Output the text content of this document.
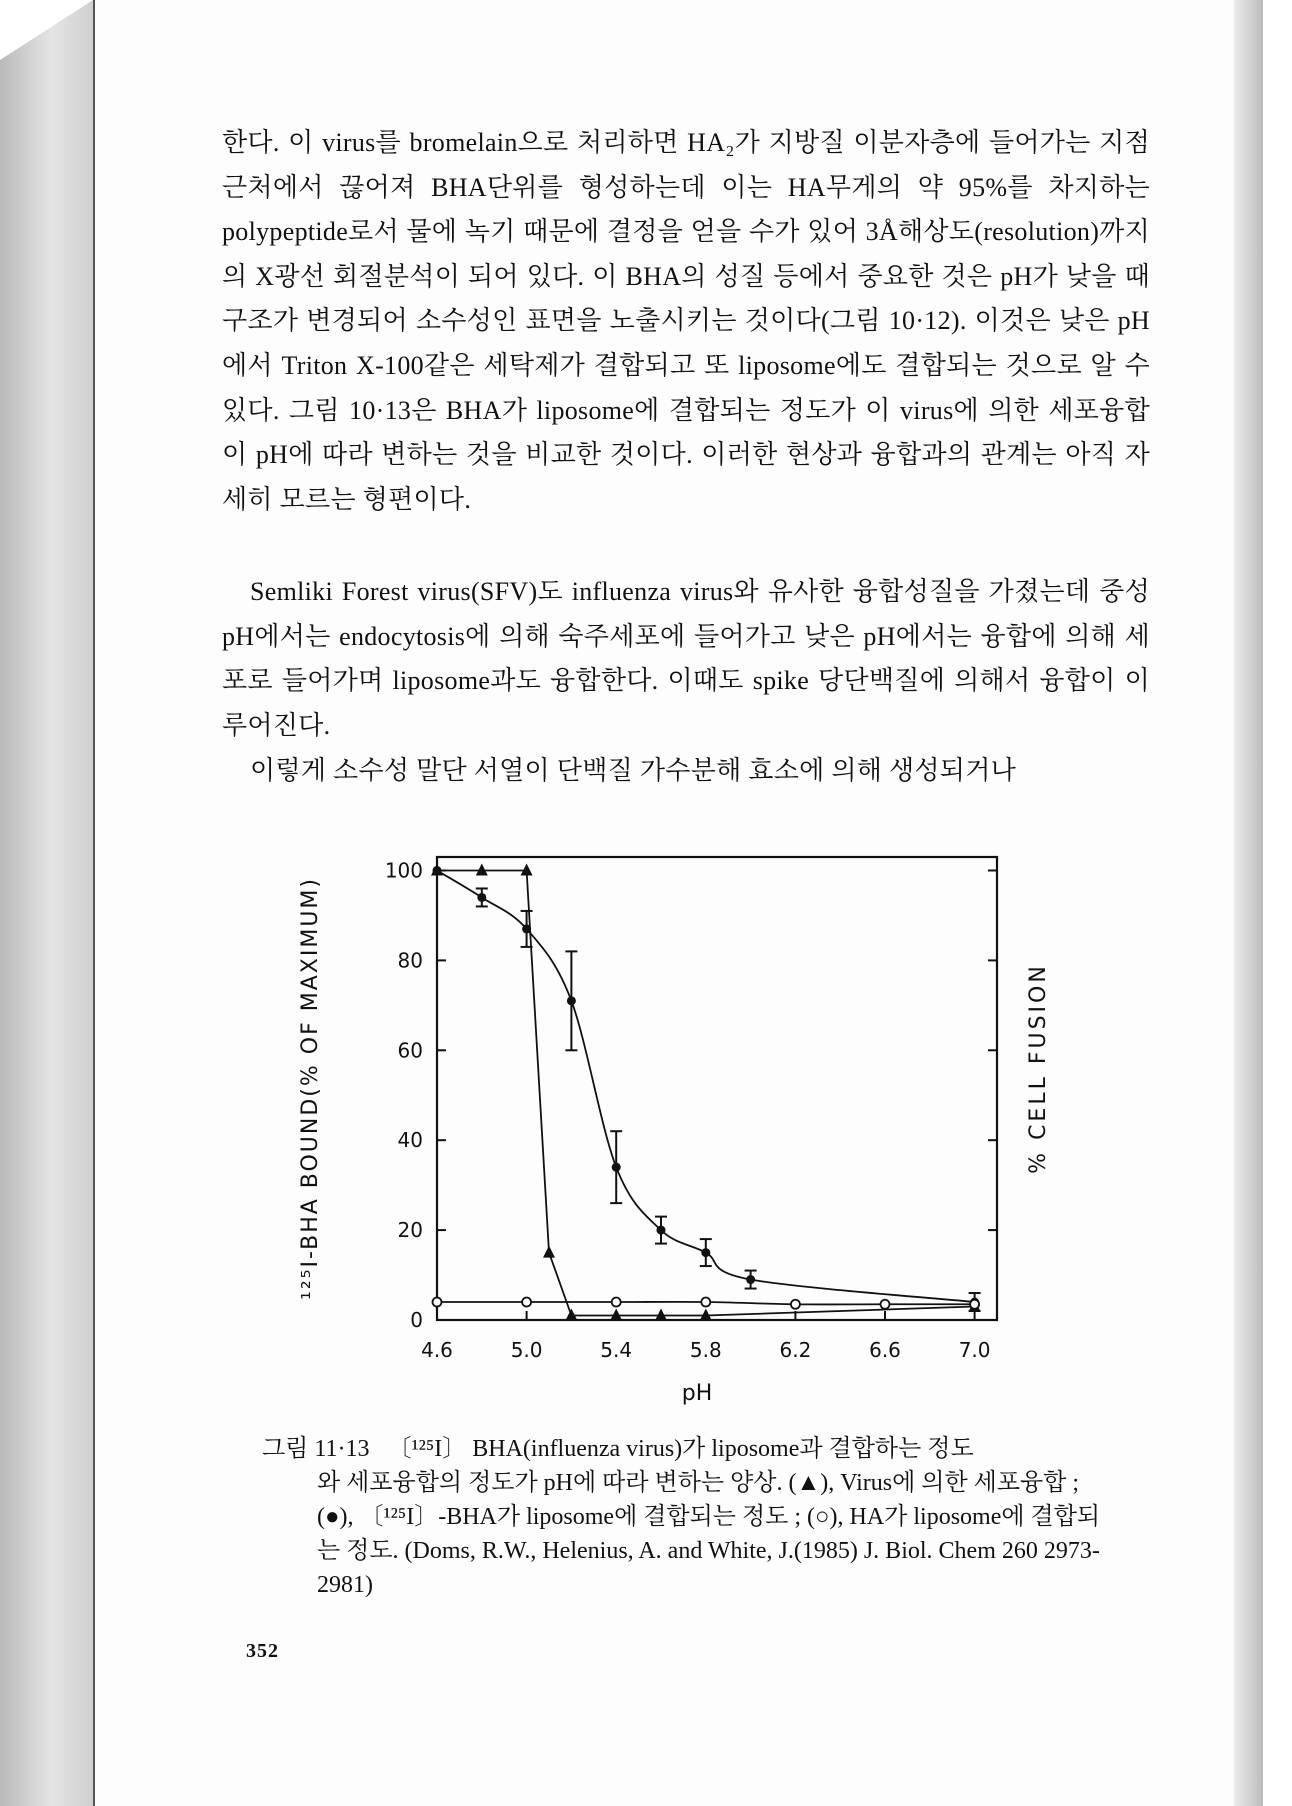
한다. 이 virus를 bromelain으로 처리하면 HA₂가 지방질 이분자층에 들어가는 지점 근처에서 끊어져 BHA단위를 형성하는데 이는 HA무게의 약 95%를 차지하는 polypeptide로서 물에 녹기 때문에 결정을 얻을 수가 있어 3Å해상도(resolution)까지의 X광선 회절분석이 되어 있다. 이 BHA의 성질 등에서 중요한 것은 pH가 낮을 때 구조가 변경되어 소수성인 표면을 노출시키는 것이다(그림 10·12). 이것은 낮은 pH에서 Triton X-100같은 세탁제가 결합되고 또 liposome에도 결합되는 것으로 알 수 있다. 그림 10·13은 BHA가 liposome에 결합되는 정도가 이 virus에 의한 세포융합이 pH에 따라 변하는 것을 비교한 것이다. 이러한 현상과 융합과의 관계는 아직 자세히 모르는 형편이다.

Semliki Forest virus(SFV)도 influenza virus와 유사한 융합성질을 가졌는데 중성 pH에서는 endocytosis에 의해 숙주세포에 들어가고 낮은 pH에서는 융합에 의해 세포로 들어가며 liposome과도 융합한다. 이때도 spike 당단백질에 의해서 융합이 이루어진다.

이렇게 소수성 말단 서열이 단백질 가수분해 효소에 의해 생성되거나

0
20
40
60
80
100
4.6	5.0	5.4	5.8	6.2	6.6	7.0
pH
¹²⁵I-BHA BOUND(% OF MAXIMUM)	% CELL FUSION
그림 11·13 〔¹²⁵I〕 BHA(influenza virus)가 liposome과 결합하는 정도
와 세포융합의 정도가 pH에 따라 변하는 양상. (▲), Virus에 의한 세포융합 ; (●), 〔¹²⁵I〕-BHA가 liposome에 결합되는 정도 ; (○), HA가 liposome에 결합되는 정도. (Doms, R.W., Helenius, A. and White, J.(1985) J. Biol. Chem 260 2973-2981)
352
